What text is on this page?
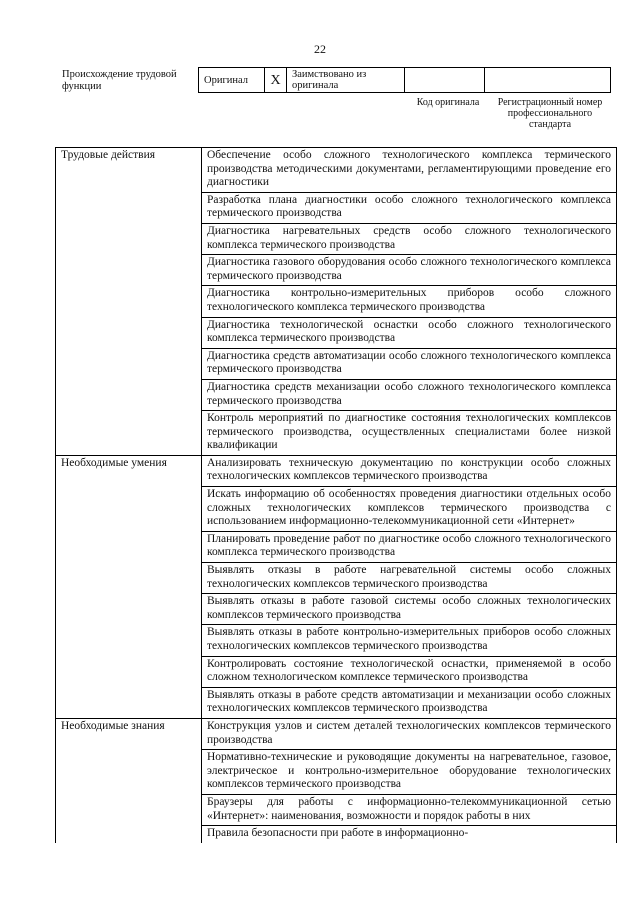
22
Происхождение трудовой функции
Оригинал	X	Заимствовано из оригинала		
Код оригинала	Регистрационный номер профессионального стандарта
Трудовые действия	Обеспечение особо сложного технологического комплекса термического производства методическими документами, регламентирующими проведение его диагностики
	Разработка плана диагностики особо сложного технологического комплекса термического производства
	Диагностика нагревательных средств особо сложного технологического комплекса термического производства
	Диагностика газового оборудования особо сложного технологического комплекса термического производства
	Диагностика контрольно-измерительных приборов особо сложного технологического комплекса термического производства
	Диагностика технологической оснастки особо сложного технологического комплекса термического производства
	Диагностика средств автоматизации особо сложного технологического комплекса термического производства
	Диагностика средств механизации особо сложного технологического комплекса термического производства
	Контроль мероприятий по диагностике состояния технологических комплексов термического производства, осуществленных специалистами более низкой квалификации
Необходимые умения	Анализировать техническую документацию по конструкции особо сложных технологических комплексов термического производства
	Искать информацию об особенностях проведения диагностики отдельных особо сложных технологических комплексов термического производства с использованием информационно-телекоммуникационной сети «Интернет»
	Планировать проведение работ по диагностике особо сложного технологического комплекса термического производства
	Выявлять отказы в работе нагревательной системы особо сложных технологических комплексов термического производства
	Выявлять отказы в работе газовой системы особо сложных технологических комплексов термического производства
	Выявлять отказы в работе контрольно-измерительных приборов особо сложных технологических комплексов термического производства
	Контролировать состояние технологической оснастки, применяемой в особо сложном технологическом комплексе термического производства
	Выявлять отказы в работе средств автоматизации и механизации особо сложных технологических комплексов термического производства
Необходимые знания	Конструкция узлов и систем деталей технологических комплексов термического производства
	Нормативно-технические и руководящие документы на нагревательное, газовое, электрическое и контрольно-измерительное оборудование технологических комплексов термического производства
	Браузеры для работы с информационно-телекоммуникационной сетью «Интернет»: наименования, возможности и порядок работы в них
	Правила безопасности при работе в информационно-
